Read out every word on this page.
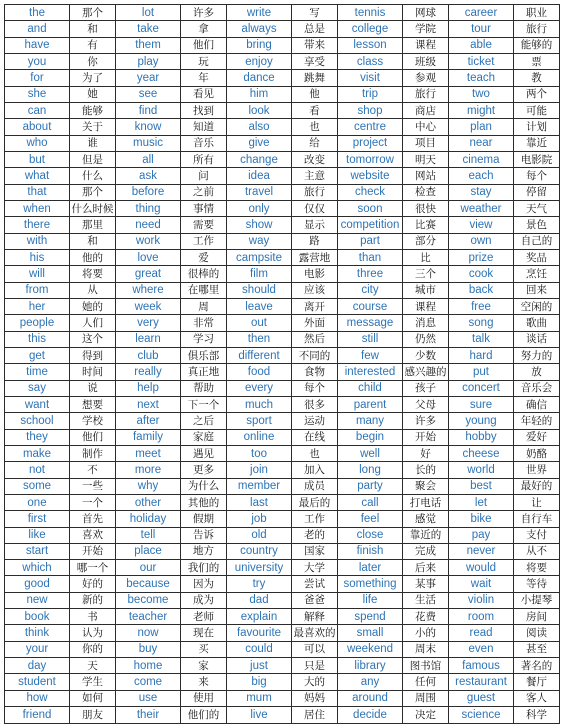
the	那个	lot	许多	write	写	tennis	网球	career	职业
and	和	take	拿	always	总是	college	学院	tour	旅行
have	有	them	他们	bring	带来	lesson	课程	able	能够的
you	你	play	玩	enjoy	享受	class	班级	ticket	票
for	为了	year	年	dance	跳舞	visit	参观	teach	教
she	她	see	看见	him	他	trip	旅行	two	两个
can	能够	find	找到	look	看	shop	商店	might	可能
about	关于	know	知道	also	也	centre	中心	plan	计划
who	谁	music	音乐	give	给	project	项目	near	靠近
but	但是	all	所有	change	改变	tomorrow	明天	cinema	电影院
what	什么	ask	问	idea	主意	website	网站	each	每个
that	那个	before	之前	travel	旅行	check	检查	stay	停留
when	什么时候	thing	事情	only	仅仅	soon	很快	weather	天气
there	那里	need	需要	show	显示	competition	比赛	view	景色
with	和	work	工作	way	路	part	部分	own	自己的
his	他的	love	爱	campsite	露营地	than	比	prize	奖品
will	将要	great	很棒的	film	电影	three	三个	cook	烹饪
from	从	where	在哪里	should	应该	city	城市	back	回来
her	她的	week	周	leave	离开	course	课程	free	空闲的
people	人们	very	非常	out	外面	message	消息	song	歌曲
this	这个	learn	学习	then	然后	still	仍然	talk	谈话
get	得到	club	俱乐部	different	不同的	few	少数	hard	努力的
time	时间	really	真正地	food	食物	interested	感兴趣的	put	放
say	说	help	帮助	every	每个	child	孩子	concert	音乐会
want	想要	next	下一个	much	很多	parent	父母	sure	确信
school	学校	after	之后	sport	运动	many	许多	young	年轻的
they	他们	family	家庭	online	在线	begin	开始	hobby	爱好
make	制作	meet	遇见	too	也	well	好	cheese	奶酪
not	不	more	更多	join	加入	long	长的	world	世界
some	一些	why	为什么	member	成员	party	聚会	best	最好的
one	一个	other	其他的	last	最后的	call	打电话	let	让
first	首先	holiday	假期	job	工作	feel	感觉	bike	自行车
like	喜欢	tell	告诉	old	老的	close	靠近的	pay	支付
start	开始	place	地方	country	国家	finish	完成	never	从不
which	哪一个	our	我们的	university	大学	later	后来	would	将要
good	好的	because	因为	try	尝试	something	某事	wait	等待
new	新的	become	成为	dad	爸爸	life	生活	violin	小提琴
book	书	teacher	老师	explain	解释	spend	花费	room	房间
think	认为	now	现在	favourite	最喜欢的	small	小的	read	阅读
your	你的	buy	买	could	可以	weekend	周末	even	甚至
day	天	home	家	just	只是	library	图书馆	famous	著名的
student	学生	come	来	big	大的	any	任何	restaurant	餐厅
how	如何	use	使用	mum	妈妈	around	周围	guest	客人
friend	朋友	their	他们的	live	居住	decide	决定	science	科学
